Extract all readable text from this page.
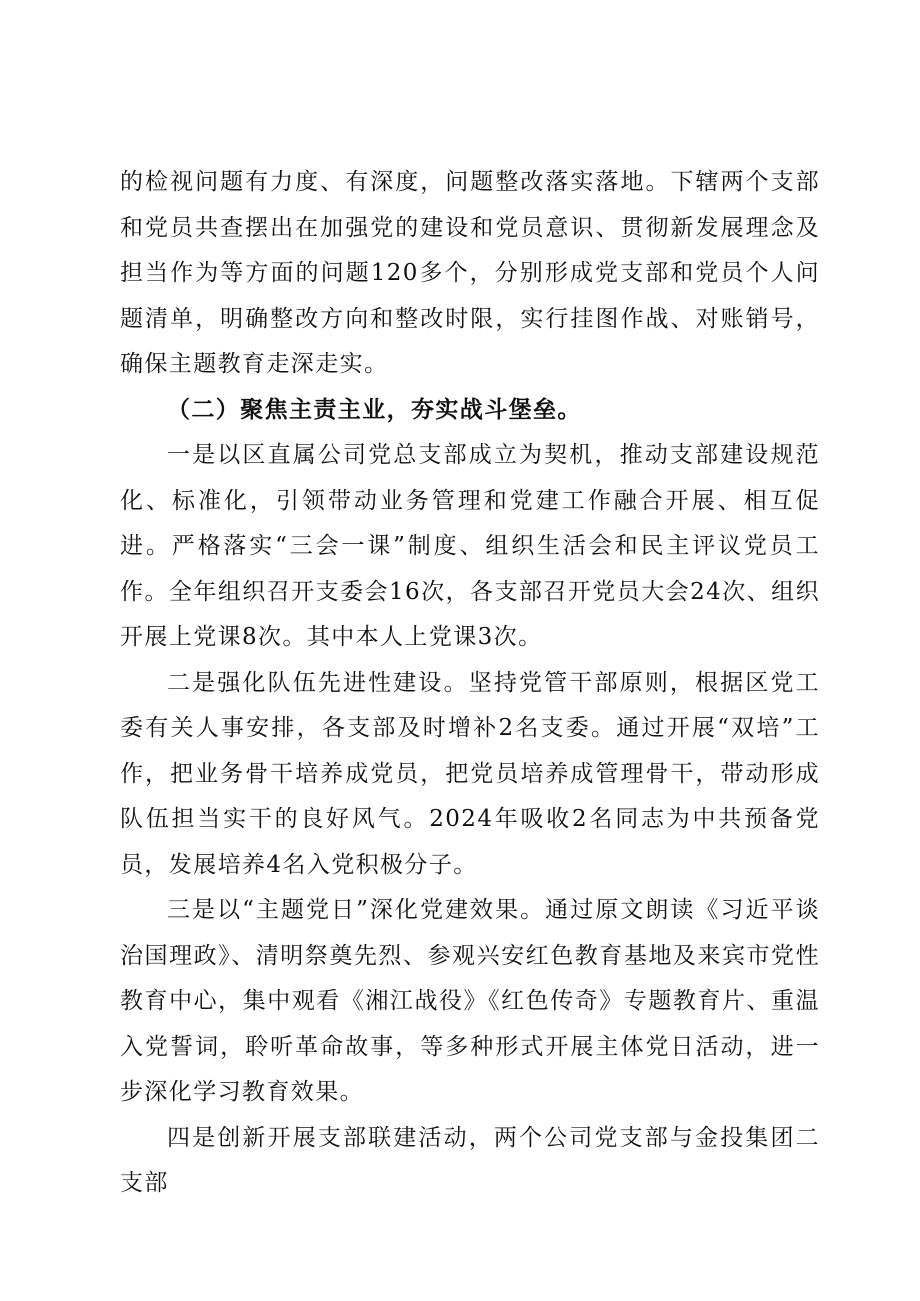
的检视问题有力度、有深度，问题整改落实落地。下辖两个支部和党员共查摆出在加强党的建设和党员意识、贯彻新发展理念及担当作为等方面的问题120多个，分别形成党支部和党员个人问题清单，明确整改方向和整改时限，实行挂图作战、对账销号，确保主题教育走深走实。

（二）聚焦主责主业，夯实战斗堡垒。

一是以区直属公司党总支部成立为契机，推动支部建设规范化、标准化，引领带动业务管理和党建工作融合开展、相互促进。严格落实“三会一课”制度、组织生活会和民主评议党员工作。全年组织召开支委会16次，各支部召开党员大会24次、组织开展上党课8次。其中本人上党课3次。

二是强化队伍先进性建设。坚持党管干部原则，根据区党工委有关人事安排，各支部及时增补2名支委。通过开展“双培”工作，把业务骨干培养成党员，把党员培养成管理骨干，带动形成队伍担当实干的良好风气。2024年吸收2名同志为中共预备党员，发展培养4名入党积极分子。

三是以“主题党日”深化党建效果。通过原文朗读《习近平谈治国理政》、清明祭奠先烈、参观兴安红色教育基地及来宾市党性教育中心，集中观看《湘江战役》《红色传奇》专题教育片、重温入党誓词，聆听革命故事，等多种形式开展主体党日活动，进一步深化学习教育效果。

四是创新开展支部联建活动，两个公司党支部与金投集团二支部
